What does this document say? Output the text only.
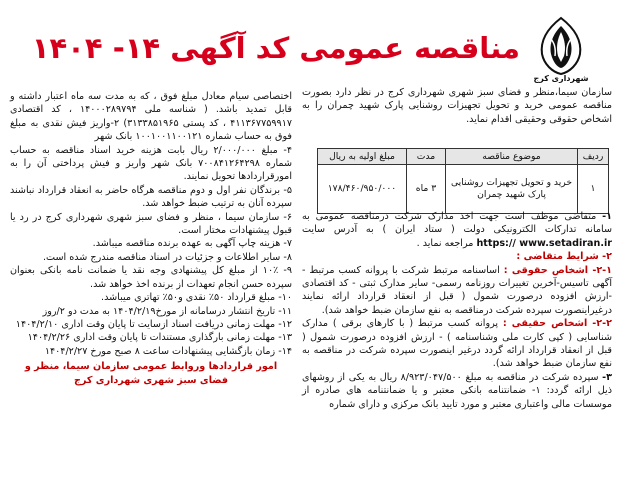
شهرداری کرج
مناقصه عمومی کد آگهی ۱۴- ۱۴۰۴

سازمان سیما،منظر و فضای سبز شهری شهرداری کرج در نظر دارد بصورت مناقصه عمومی خرید و تحویل تجهیزات روشنایی پارک شهید چمران را به اشخاص حقوقی وحقیقی اقدام نماید.

ردیف	موضوع مناقصه	مدت	مبلغ اولیه به ریال
۱	خرید و تحویل تجهیزات روشنایی پارک شهید چمران	۳ ماه	۱۷۸/۴۶۰/۹۵۰/۰۰۰

۱- متقاضی موظف است جهت اخذ مدارک شرکت درمناقصه عمومی به سامانه تدارکات الکترونیکی دولت ( ستاد ایران ) به آدرس سایت https:// www.setadiran.ir مراجعه نماید .

۲- شرایط متقاضی :

۲-۱- اشخاص حقوقی : اساسنامه مرتبط شرکت با پروانه کسب مرتبط - آگهی تاسیس-آخرین تغییرات روزنامه رسمی- سایر مدارک ثبتی - کد اقتصادی -ارزش افزوده درصورت شمول ( قبل از انعقاد قرارداد ارائه نمایند درغیراینصورت سپرده شرکت درمناقصه به نفع سازمان ضبط خواهد شد).

۲-۲- اشخاص حقیقی : پروانه کسب مرتبط ( با کارهای برقی ) مدارک شناسایی ( کپی کارت ملی وشناسنامه ) - ارزش افزوده درصورت شمول ( قبل از انعقاد قرارداد ارائه گردد درغیر اینصورت سپرده شرکت در مناقصه به نفع سازمان ضبط خواهد شد).

۳- سپرده شرکت در مناقصه به مبلغ ۸/۹۲۳/۰۴۷/۵۰۰ ریال به یکی از روشهای ذیل ارائه گردد: ۱- ضمانتنامه بانکی معتبر و یا ضمانتنامه های صادره از موسسات مالی واعتباری معتبر و مورد تایید بانک مرکزی و دارای شماره

اختصاصی سیام معادل مبلغ فوق ، که به مدت سه ماه اعتبار داشته و قابل تمدید باشد. ( شناسه ملی ۱۴۰۰۰۲۸۹۷۹۴ ، کد اقتصادی ۴۱۱۳۶۷۷۵۹۹۱۷ ، کد پستی ۳۱۳۳۸۵۱۹۶۵) ۲-واریز فیش نقدی به مبلغ فوق به حساب شماره ۱۰۰۱۰۰۱۱۰۰۱۲۱ بانک شهر

۴- مبلغ ۲/۰۰۰/۰۰۰ ریال بابت هزینه خرید اسناد مناقصه به حساب شماره ۷۰۰۸۴۱۲۶۴۲۹۸ بانک شهر واریز و فیش پرداختی آن را به امورقراردادها تحویل نمایند.

۵- برندگان نفر اول و دوم مناقصه هرگاه حاضر به انعقاد قرارداد نباشند سپرده آنان به ترتیب ضبط خواهد شد.

۶- سازمان سیما ، منظر و فضای سبز شهری شهرداری کرج در رد یا قبول پیشنهادات مختار است.

۷- هزینه چاپ آگهی به عهده برنده مناقصه میباشد.

۸- سایر اطلاعات و جزئیات در اسناد مناقصه مندرج شده است.

۹- ۱۰٪ از مبلغ کل پیشنهادی وجه نقد یا ضمانت نامه بانکی بعنوان سپرده حسن انجام تعهدات از برنده اخذ خواهد شد.

۱۰- مبلغ قرارداد ۵۰٪ نقدی و۵۰٪ تهاتری میباشد.

۱۱- تاریخ انتشار درسامانه از مورخ۱۴۰۴/۲/۱۹ به مدت دو ۲/روز

۱۲- مهلت زمانی دریافت اسناد ازسایت تا پایان وقت اداری ۱۴۰۴/۲/۱۰

۱۳- مهلت زمانی بارگذاری مستندات تا پایان وقت اداری ۱۴۰۴/۲/۲۶

۱۴- زمان بازگشایی پیشنهادات ساعت ۸ صبح مورخ ۱۴۰۴/۲/۲۷

امور قراردادها وروابط عمومی سازمان سیما، منظر و فضای سبز شهری شهرداری کرج
